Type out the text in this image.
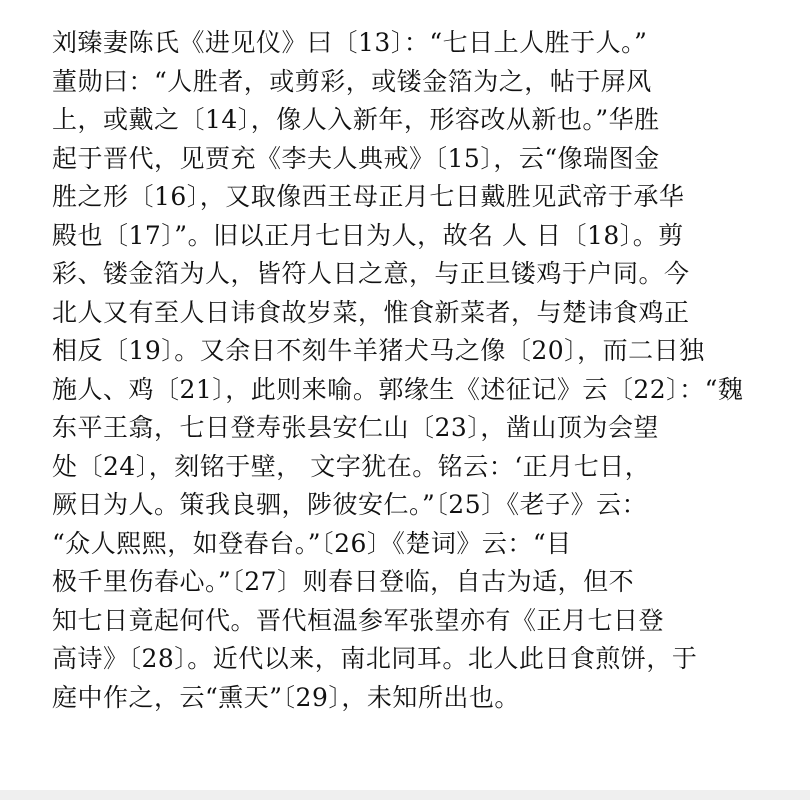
刘臻妻陈氏《进见仪》曰〔13〕：“七日上人胜于人。”
董勋曰：“人胜者，或剪彩，或镂金箔为之，帖于屏风
上，或戴之〔14〕，像人入新年，形容改从新也。”华胜
起于晋代，见贾充《李夫人典戒》〔15〕，云“像瑞图金
胜之形〔16〕，又取像西王母正月七日戴胜见武帝于承华
殿也〔17〕”。旧以正月七日为人，故名 人 日〔18〕。剪
彩、镂金箔为人，皆符人日之意，与正旦镂鸡于户同。今
北人又有至人日讳食故岁菜，惟食新菜者，与楚讳食鸡正
相反〔19〕。又余日不刻牛羊猪犬马之像〔20〕，而二日独
施人、鸡〔21〕，此则来喻。郭缘生《述征记》云〔22〕：“魏
东平王翕，七日登寿张县安仁山〔23〕，凿山顶为会望
处〔24〕，刻铭于壁， 文字犹在。铭云：‘正月七日，
厥日为人。策我良驷，陟彼安仁。”〔25〕《老子》云：
“众人熙熙，如登春台。”〔26〕《楚词》云：“目
极千里伤春心。”〔27〕则春日登临，自古为适，但不
知七日竟起何代。晋代桓温参军张望亦有《正月七日登
高诗》〔28〕。近代以来，南北同耳。北人此日食煎饼，于
庭中作之，云“熏天”〔29〕，未知所出也。
